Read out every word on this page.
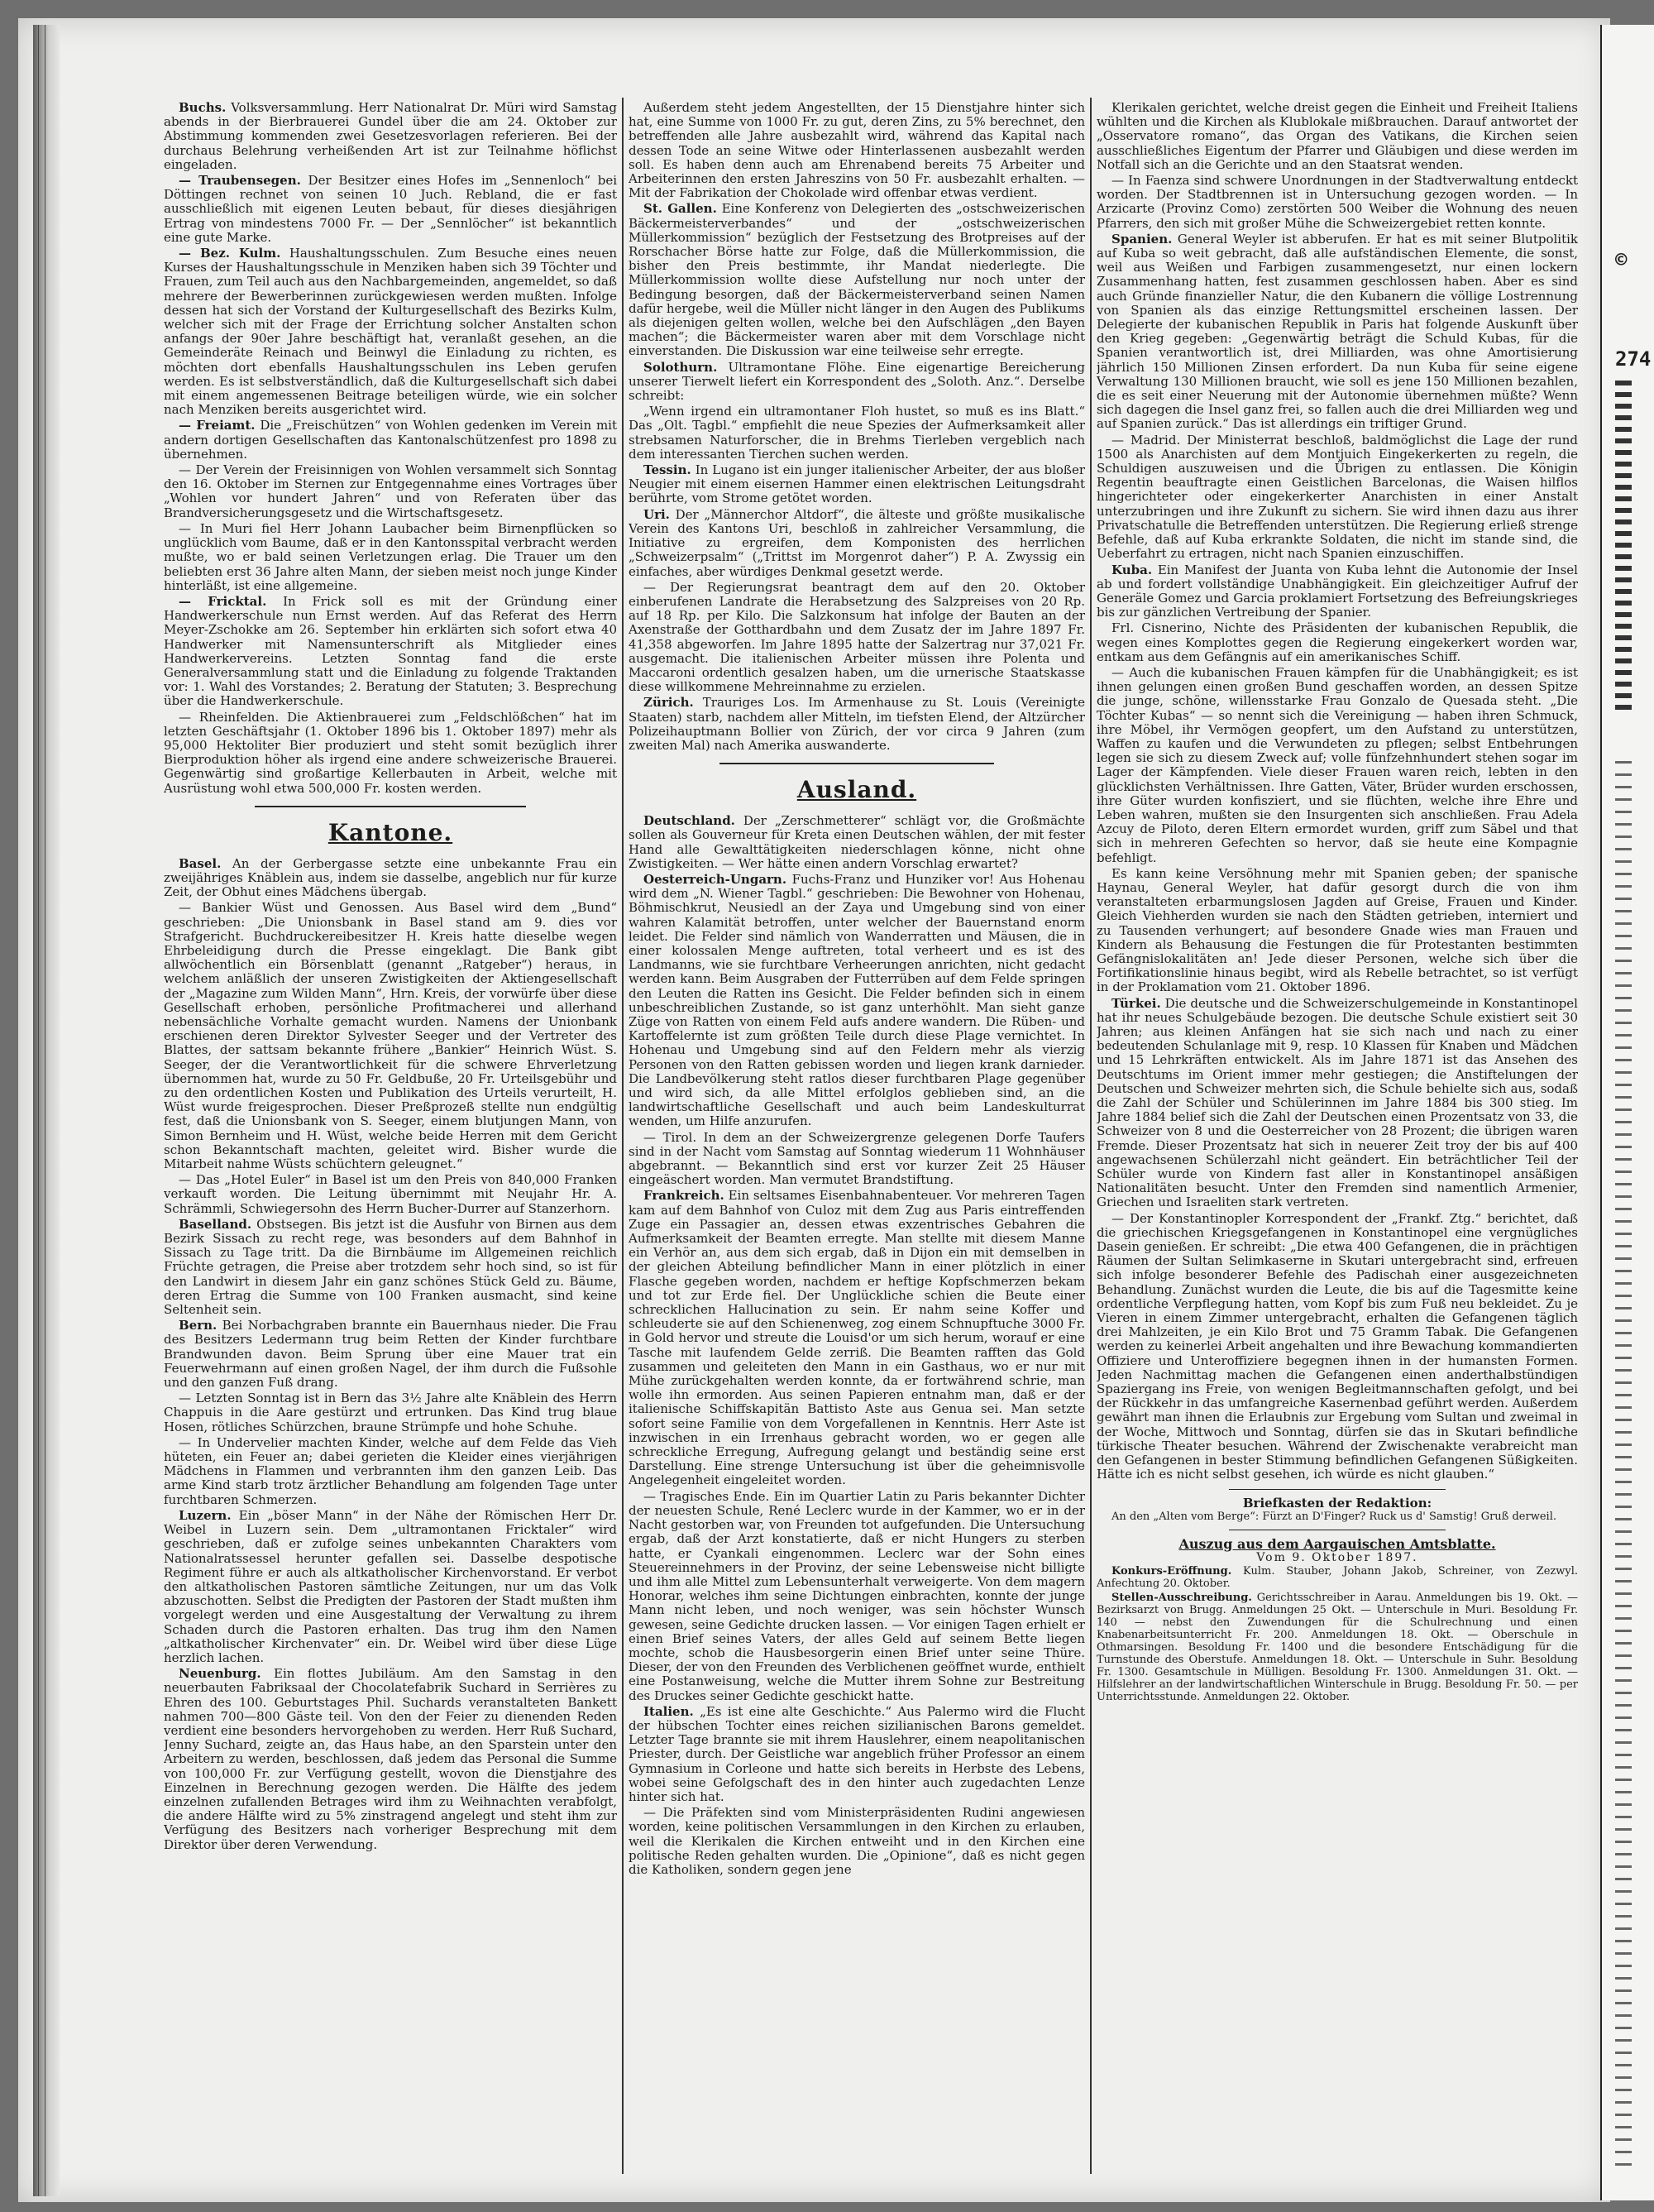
©
274

Buchs. Volksversammlung. Herr Nationalrat Dr. Müri wird Samstag abends in der Bierbrauerei Gundel über die am 24. Oktober zur Abstimmung kommenden zwei Gesetzesvorlagen referieren. Bei der durchaus Belehrung verheißenden Art ist zur Teilnahme höflichst eingeladen.

— Traubensegen. Der Besitzer eines Hofes im „Sennenloch“ bei Döttingen rechnet von seinen 10 Juch. Rebland, die er fast ausschließlich mit eigenen Leuten bebaut, für dieses diesjährigen Ertrag von mindestens 7000 Fr. — Der „Sennlöcher“ ist bekanntlich eine gute Marke.

— Bez. Kulm. Haushaltungsschulen. Zum Besuche eines neuen Kurses der Haushaltungsschule in Menziken haben sich 39 Töchter und Frauen, zum Teil auch aus den Nachbargemeinden, angemeldet, so daß mehrere der Bewerberinnen zurückgewiesen werden mußten. Infolge dessen hat sich der Vorstand der Kulturgesellschaft des Bezirks Kulm, welcher sich mit der Frage der Errichtung solcher Anstalten schon anfangs der 90er Jahre beschäftigt hat, veranlaßt gesehen, an die Gemeinderäte Reinach und Beinwyl die Einladung zu richten, es möchten dort ebenfalls Haushaltungsschulen ins Leben gerufen werden. Es ist selbstverständlich, daß die Kulturgesellschaft sich dabei mit einem angemessenen Beitrage beteiligen würde, wie ein solcher nach Menziken bereits ausgerichtet wird.

— Freiamt. Die „Freischützen“ von Wohlen gedenken im Verein mit andern dortigen Gesellschaften das Kantonalschützenfest pro 1898 zu übernehmen.

— Der Verein der Freisinnigen von Wohlen versammelt sich Sonntag den 16. Oktober im Sternen zur Entgegennahme eines Vortrages über „Wohlen vor hundert Jahren“ und von Referaten über das Brandversicherungsgesetz und die Wirtschaftsgesetz.

— In Muri fiel Herr Johann Laubacher beim Birnenpflücken so unglücklich vom Baume, daß er in den Kantonsspital verbracht werden mußte, wo er bald seinen Verletzungen erlag. Die Trauer um den beliebten erst 36 Jahre alten Mann, der sieben meist noch junge Kinder hinterläßt, ist eine allgemeine.

— Fricktal. In Frick soll es mit der Gründung einer Handwerkerschule nun Ernst werden. Auf das Referat des Herrn Meyer-Zschokke am 26. September hin erklärten sich sofort etwa 40 Handwerker mit Namensunterschrift als Mitglieder eines Handwerkervereins. Letzten Sonntag fand die erste Generalversammlung statt und die Einladung zu folgende Traktanden vor: 1. Wahl des Vorstandes; 2. Beratung der Statuten; 3. Besprechung über die Handwerkerschule.

— Rheinfelden. Die Aktienbrauerei zum „Feldschlößchen“ hat im letzten Geschäftsjahr (1. Oktober 1896 bis 1. Oktober 1897) mehr als 95,000 Hektoliter Bier produziert und steht somit bezüglich ihrer Bierproduktion höher als irgend eine andere schweizerische Brauerei. Gegenwärtig sind großartige Kellerbauten in Arbeit, welche mit Ausrüstung wohl etwa 500,000 Fr. kosten werden.

Kantone.

Basel. An der Gerbergasse setzte eine unbekannte Frau ein zweijähriges Knäblein aus, indem sie dasselbe, angeblich nur für kurze Zeit, der Obhut eines Mädchens übergab.

— Bankier Wüst und Genossen. Aus Basel wird dem „Bund“ geschrieben: „Die Unionsbank in Basel stand am 9. dies vor Strafgericht. Buchdruckereibesitzer H. Kreis hatte dieselbe wegen Ehrbeleidigung durch die Presse eingeklagt. Die Bank gibt allwöchentlich ein Börsenblatt (genannt „Ratgeber“) heraus, in welchem anläßlich der unseren Zwistigkeiten der Aktiengesellschaft der „Magazine zum Wilden Mann“, Hrn. Kreis, der vorwürfe über diese Gesellschaft erhoben, persönliche Profitmacherei und allerhand nebensächliche Vorhalte gemacht wurden. Namens der Unionbank erschienen deren Direktor Sylvester Seeger und der Vertreter des Blattes, der sattsam bekannte frühere „Bankier“ Heinrich Wüst. S. Seeger, der die Verantwortlichkeit für die schwere Ehrverletzung übernommen hat, wurde zu 50 Fr. Geldbuße, 20 Fr. Urteilsgebühr und zu den ordentlichen Kosten und Publikation des Urteils verurteilt, H. Wüst wurde freigesprochen. Dieser Preßprozeß stellte nun endgültig fest, daß die Unionsbank von S. Seeger, einem blutjungen Mann, von Simon Bernheim und H. Wüst, welche beide Herren mit dem Gericht schon Bekanntschaft machten, geleitet wird. Bisher wurde die Mitarbeit nahme Wüsts schüchtern geleugnet.“

— Das „Hotel Euler“ in Basel ist um den Preis von 840,000 Franken verkauft worden. Die Leitung übernimmt mit Neujahr Hr. A. Schrämmli, Schwiegersohn des Herrn Bucher-Durrer auf Stanzerhorn.

Baselland. Obstsegen. Bis jetzt ist die Ausfuhr von Birnen aus dem Bezirk Sissach zu recht rege, was besonders auf dem Bahnhof in Sissach zu Tage tritt. Da die Birnbäume im Allgemeinen reichlich Früchte getragen, die Preise aber trotzdem sehr hoch sind, so ist für den Landwirt in diesem Jahr ein ganz schönes Stück Geld zu. Bäume, deren Ertrag die Summe von 100 Franken ausmacht, sind keine Seltenheit sein.

Bern. Bei Norbachgraben brannte ein Bauernhaus nieder. Die Frau des Besitzers Ledermann trug beim Retten der Kinder furchtbare Brandwunden davon. Beim Sprung über eine Mauer trat ein Feuerwehrmann auf einen großen Nagel, der ihm durch die Fußsohle und den ganzen Fuß drang.

— Letzten Sonntag ist in Bern das 3½ Jahre alte Knäblein des Herrn Chappuis in die Aare gestürzt und ertrunken. Das Kind trug blaue Hosen, rötliches Schürzchen, braune Strümpfe und hohe Schuhe.

— In Undervelier machten Kinder, welche auf dem Felde das Vieh hüteten, ein Feuer an; dabei gerieten die Kleider eines vierjährigen Mädchens in Flammen und verbrannten ihm den ganzen Leib. Das arme Kind starb trotz ärztlicher Behandlung am folgenden Tage unter furchtbaren Schmerzen.

Luzern. Ein „böser Mann“ in der Nähe der Römischen Herr Dr. Weibel in Luzern sein. Dem „ultramontanen Fricktaler“ wird geschrieben, daß er zufolge seines unbekannten Charakters vom Nationalratssessel herunter gefallen sei. Dasselbe despotische Regiment führe er auch als altkatholischer Kirchenvorstand. Er verbot den altkatholischen Pastoren sämtliche Zeitungen, nur um das Volk abzuschotten. Selbst die Predigten der Pastoren der Stadt mußten ihm vorgelegt werden und eine Ausgestaltung der Verwaltung zu ihrem Schaden durch die Pastoren erhalten. Das trug ihm den Namen „altkatholischer Kirchenvater“ ein. Dr. Weibel wird über diese Lüge herzlich lachen.

Neuenburg. Ein flottes Jubiläum. Am den Samstag in den neuerbauten Fabriksaal der Chocolatefabrik Suchard in Serrières zu Ehren des 100. Geburtstages Phil. Suchards veranstalteten Bankett nahmen 700—800 Gäste teil. Von den der Feier zu dienenden Reden verdient eine besonders hervorgehoben zu werden. Herr Ruß Suchard, Jenny Suchard, zeigte an, das Haus habe, an den Sparstein unter den Arbeitern zu werden, beschlossen, daß jedem das Personal die Summe von 100,000 Fr. zur Verfügung gestellt, wovon die Dienstjahre des Einzelnen in Berechnung gezogen werden. Die Hälfte des jedem einzelnen zufallenden Betrages wird ihm zu Weihnachten verabfolgt, die andere Hälfte wird zu 5% zinstragend angelegt und steht ihm zur Verfügung des Besitzers nach vorheriger Besprechung mit dem Direktor über deren Verwendung.

Außerdem steht jedem Angestellten, der 15 Dienstjahre hinter sich hat, eine Summe von 1000 Fr. zu gut, deren Zins, zu 5% berechnet, den betreffenden alle Jahre ausbezahlt wird, während das Kapital nach dessen Tode an seine Witwe oder Hinterlassenen ausbezahlt werden soll. Es haben denn auch am Ehrenabend bereits 75 Arbeiter und Arbeiterinnen den ersten Jahreszins von 50 Fr. ausbezahlt erhalten. — Mit der Fabrikation der Chokolade wird offenbar etwas verdient.

St. Gallen. Eine Konferenz von Delegierten des „ostschweizerischen Bäckermeisterverbandes“ und der „ostschweizerischen Müllerkommission“ bezüglich der Festsetzung des Brotpreises auf der Rorschacher Börse hatte zur Folge, daß die Müllerkommission, die bisher den Preis bestimmte, ihr Mandat niederlegte. Die Müllerkommission wollte diese Aufstellung nur noch unter der Bedingung besorgen, daß der Bäckermeisterverband seinen Namen dafür hergebe, weil die Müller nicht länger in den Augen des Publikums als diejenigen gelten wollen, welche bei den Aufschlägen „den Bayen machen“; die Bäckermeister waren aber mit dem Vorschlage nicht einverstanden. Die Diskussion war eine teilweise sehr erregte.

Solothurn. Ultramontane Flöhe. Eine eigenartige Bereicherung unserer Tierwelt liefert ein Korrespondent des „Soloth. Anz.“. Derselbe schreibt:

„Wenn irgend ein ultramontaner Floh hustet, so muß es ins Blatt.“ Das „Olt. Tagbl.“ empfiehlt die neue Spezies der Aufmerksamkeit aller strebsamen Naturforscher, die in Brehms Tierleben vergeblich nach dem interessanten Tierchen suchen werden.

Tessin. In Lugano ist ein junger italienischer Arbeiter, der aus bloßer Neugier mit einem eisernen Hammer einen elektrischen Leitungsdraht berührte, vom Strome getötet worden.

Uri. Der „Männerchor Altdorf“, die älteste und größte musikalische Verein des Kantons Uri, beschloß in zahlreicher Versammlung, die Initiative zu ergreifen, dem Komponisten des herrlichen „Schweizerpsalm“ („Trittst im Morgenrot daher“) P. A. Zwyssig ein einfaches, aber würdiges Denkmal gesetzt werde.

— Der Regierungsrat beantragt dem auf den 20. Oktober einberufenen Landrate die Herabsetzung des Salzpreises von 20 Rp. auf 18 Rp. per Kilo. Die Salzkonsum hat infolge der Bauten an der Axenstraße der Gotthardbahn und dem Zusatz der im Jahre 1897 Fr. 41,358 abgeworfen. Im Jahre 1895 hatte der Salzertrag nur 37,021 Fr. ausgemacht. Die italienischen Arbeiter müssen ihre Polenta und Maccaroni ordentlich gesalzen haben, um die urnerische Staatskasse diese willkommene Mehreinnahme zu erzielen.

Zürich. Trauriges Los. Im Armenhause zu St. Louis (Vereinigte Staaten) starb, nachdem aller Mitteln, im tiefsten Elend, der Altzürcher Polizeihauptmann Bollier von Zürich, der vor circa 9 Jahren (zum zweiten Mal) nach Amerika auswanderte.

Ausland.

Deutschland. Der „Zerschmetterer“ schlägt vor, die Großmächte sollen als Gouverneur für Kreta einen Deutschen wählen, der mit fester Hand alle Gewalttätigkeiten niederschlagen könne, nicht ohne Zwistigkeiten. — Wer hätte einen andern Vorschlag erwartet?

Oesterreich-Ungarn. Fuchs-Franz und Hunziker vor! Aus Hohenau wird dem „N. Wiener Tagbl.“ geschrieben: Die Bewohner von Hohenau, Böhmischkrut, Neusiedl an der Zaya und Umgebung sind von einer wahren Kalamität betroffen, unter welcher der Bauernstand enorm leidet. Die Felder sind nämlich von Wanderratten und Mäusen, die in einer kolossalen Menge auftreten, total verheert und es ist des Landmanns, wie sie furchtbare Verheerungen anrichten, nicht gedacht werden kann. Beim Ausgraben der Futterrüben auf dem Felde springen den Leuten die Ratten ins Gesicht. Die Felder befinden sich in einem unbeschreiblichen Zustande, so ist ganz unterhöhlt. Man sieht ganze Züge von Ratten von einem Feld aufs andere wandern. Die Rüben- und Kartoffelernte ist zum größten Teile durch diese Plage vernichtet. In Hohenau und Umgebung sind auf den Feldern mehr als vierzig Personen von den Ratten gebissen worden und liegen krank darnieder. Die Landbevölkerung steht ratlos dieser furchtbaren Plage gegenüber und wird sich, da alle Mittel erfolglos geblieben sind, an die landwirtschaftliche Gesellschaft und auch beim Landeskulturrat wenden, um Hilfe anzurufen.

— Tirol. In dem an der Schweizergrenze gelegenen Dorfe Taufers sind in der Nacht vom Samstag auf Sonntag wiederum 11 Wohnhäuser abgebrannt. — Bekanntlich sind erst vor kurzer Zeit 25 Häuser eingeäschert worden. Man vermutet Brandstiftung.

Frankreich. Ein seltsames Eisenbahnabenteuer. Vor mehreren Tagen kam auf dem Bahnhof von Culoz mit dem Zug aus Paris eintreffenden Zuge ein Passagier an, dessen etwas exzentrisches Gebahren die Aufmerksamkeit der Beamten erregte. Man stellte mit diesem Manne ein Verhör an, aus dem sich ergab, daß in Dijon ein mit demselben in der gleichen Abteilung befindlicher Mann in einer plötzlich in einer Flasche gegeben worden, nachdem er heftige Kopfschmerzen bekam und tot zur Erde fiel. Der Unglückliche schien die Beute einer schrecklichen Hallucination zu sein. Er nahm seine Koffer und schleuderte sie auf den Schienenweg, zog einem Schnupftuche 3000 Fr. in Gold hervor und streute die Louisd'or um sich herum, worauf er eine Tasche mit laufendem Gelde zerriß. Die Beamten rafften das Gold zusammen und geleiteten den Mann in ein Gasthaus, wo er nur mit Mühe zurückgehalten werden konnte, da er fortwährend schrie, man wolle ihn ermorden. Aus seinen Papieren entnahm man, daß er der italienische Schiffskapitän Battisto Aste aus Genua sei. Man setzte sofort seine Familie von dem Vorgefallenen in Kenntnis. Herr Aste ist inzwischen in ein Irrenhaus gebracht worden, wo er gegen alle schreckliche Erregung, Aufregung gelangt und beständig seine erst Darstellung. Eine strenge Untersuchung ist über die geheimnisvolle Angelegenheit eingeleitet worden.

— Tragisches Ende. Ein im Quartier Latin zu Paris bekannter Dichter der neuesten Schule, René Leclerc wurde in der Kammer, wo er in der Nacht gestorben war, von Freunden tot aufgefunden. Die Untersuchung ergab, daß der Arzt konstatierte, daß er nicht Hungers zu sterben hatte, er Cyankali eingenommen. Leclerc war der Sohn eines Steuereinnehmers in der Provinz, der seine Lebensweise nicht billigte und ihm alle Mittel zum Lebensunterhalt verweigerte. Von dem magern Honorar, welches ihm seine Dichtungen einbrachten, konnte der junge Mann nicht leben, und noch weniger, was sein höchster Wunsch gewesen, seine Gedichte drucken lassen. — Vor einigen Tagen erhielt er einen Brief seines Vaters, der alles Geld auf seinem Bette liegen mochte, schob die Hausbesorgerin einen Brief unter seine Thüre. Dieser, der von den Freunden des Verblichenen geöffnet wurde, enthielt eine Postanweisung, welche die Mutter ihrem Sohne zur Bestreitung des Druckes seiner Gedichte geschickt hatte.

Italien. „Es ist eine alte Geschichte.“ Aus Palermo wird die Flucht der hübschen Tochter eines reichen sizilianischen Barons gemeldet. Letzter Tage brannte sie mit ihrem Hauslehrer, einem neapolitanischen Priester, durch. Der Geistliche war angeblich früher Professor an einem Gymnasium in Corleone und hatte sich bereits in Herbste des Lebens, wobei seine Gefolgschaft des in den hinter auch zugedachten Lenze hinter sich hat.

— Die Präfekten sind vom Ministerpräsidenten Rudini angewiesen worden, keine politischen Versammlungen in den Kirchen zu erlauben, weil die Klerikalen die Kirchen entweiht und in den Kirchen eine politische Reden gehalten wurden. Die „Opinione“, daß es nicht gegen die Katholiken, sondern gegen jene

Klerikalen gerichtet, welche dreist gegen die Einheit und Freiheit Italiens wühlten und die Kirchen als Klublokale mißbrauchen. Darauf antwortet der „Osservatore romano“, das Organ des Vatikans, die Kirchen seien ausschließliches Eigentum der Pfarrer und Gläubigen und diese werden im Notfall sich an die Gerichte und an den Staatsrat wenden.

— In Faenza sind schwere Unordnungen in der Stadtverwaltung entdeckt worden. Der Stadtbrennen ist in Untersuchung gezogen worden. — In Arzicarte (Provinz Como) zerstörten 500 Weiber die Wohnung des neuen Pfarrers, den sich mit großer Mühe die Schweizergebiet retten konnte.

Spanien. General Weyler ist abberufen. Er hat es mit seiner Blutpolitik auf Kuba so weit gebracht, daß alle aufständischen Elemente, die sonst, weil aus Weißen und Farbigen zusammengesetzt, nur einen lockern Zusammenhang hatten, fest zusammen geschlossen haben. Aber es sind auch Gründe finanzieller Natur, die den Kubanern die völlige Lostrennung von Spanien als das einzige Rettungsmittel erscheinen lassen. Der Delegierte der kubanischen Republik in Paris hat folgende Auskunft über den Krieg gegeben: „Gegenwärtig beträgt die Schuld Kubas, für die Spanien verantwortlich ist, drei Milliarden, was ohne Amortisierung jährlich 150 Millionen Zinsen erfordert. Da nun Kuba für seine eigene Verwaltung 130 Millionen braucht, wie soll es jene 150 Millionen bezahlen, die es seit einer Neuerung mit der Autonomie übernehmen müßte? Wenn sich dagegen die Insel ganz frei, so fallen auch die drei Milliarden weg und auf Spanien zurück.“ Das ist allerdings ein triftiger Grund.

— Madrid. Der Ministerrat beschloß, baldmöglichst die Lage der rund 1500 als Anarchisten auf dem Montjuich Eingekerkerten zu regeln, die Schuldigen auszuweisen und die Übrigen zu entlassen. Die Königin Regentin beauftragte einen Geistlichen Barcelonas, die Waisen hilflos hingerichteter oder eingekerkerter Anarchisten in einer Anstalt unterzubringen und ihre Zukunft zu sichern. Sie wird ihnen dazu aus ihrer Privatschatulle die Betreffenden unterstützen. Die Regierung erließ strenge Befehle, daß auf Kuba erkrankte Soldaten, die nicht im stande sind, die Ueberfahrt zu ertragen, nicht nach Spanien einzuschiffen.

Kuba. Ein Manifest der Juanta von Kuba lehnt die Autonomie der Insel ab und fordert vollständige Unabhängigkeit. Ein gleichzeitiger Aufruf der Generäle Gomez und Garcia proklamiert Fortsetzung des Befreiungskrieges bis zur gänzlichen Vertreibung der Spanier.

Frl. Cisnerino, Nichte des Präsidenten der kubanischen Republik, die wegen eines Komplottes gegen die Regierung eingekerkert worden war, entkam aus dem Gefängnis auf ein amerikanisches Schiff.

— Auch die kubanischen Frauen kämpfen für die Unabhängigkeit; es ist ihnen gelungen einen großen Bund geschaffen worden, an dessen Spitze die junge, schöne, willensstarke Frau Gonzalo de Quesada steht. „Die Töchter Kubas“ — so nennt sich die Vereinigung — haben ihren Schmuck, ihre Möbel, ihr Vermögen geopfert, um den Aufstand zu unterstützen, Waffen zu kaufen und die Verwundeten zu pflegen; selbst Entbehrungen legen sie sich zu diesem Zweck auf; volle fünfzehnhundert stehen sogar im Lager der Kämpfenden. Viele dieser Frauen waren reich, lebten in den glücklichsten Verhältnissen. Ihre Gatten, Väter, Brüder wurden erschossen, ihre Güter wurden konfisziert, und sie flüchten, welche ihre Ehre und Leben wahren, mußten sie den Insurgenten sich anschließen. Frau Adela Azcuy de Piloto, deren Eltern ermordet wurden, griff zum Säbel und that sich in mehreren Gefechten so hervor, daß sie heute eine Kompagnie befehligt.

Es kann keine Versöhnung mehr mit Spanien geben; der spanische Haynau, General Weyler, hat dafür gesorgt durch die von ihm veranstalteten erbarmungslosen Jagden auf Greise, Frauen und Kinder. Gleich Viehherden wurden sie nach den Städten getrieben, interniert und zu Tausenden verhungert; auf besondere Gnade wies man Frauen und Kindern als Behausung die Festungen die für Protestanten bestimmten Gefängnislokalitäten an! Jede dieser Personen, welche sich über die Fortifikationslinie hinaus begibt, wird als Rebelle betrachtet, so ist verfügt in der Proklamation vom 21. Oktober 1896.

Türkei. Die deutsche und die Schweizerschulgemeinde in Konstantinopel hat ihr neues Schulgebäude bezogen. Die deutsche Schule existiert seit 30 Jahren; aus kleinen Anfängen hat sie sich nach und nach zu einer bedeutenden Schulanlage mit 9, resp. 10 Klassen für Knaben und Mädchen und 15 Lehrkräften entwickelt. Als im Jahre 1871 ist das Ansehen des Deutschtums im Orient immer mehr gestiegen; die Anstiftelungen der Deutschen und Schweizer mehrten sich, die Schule behielte sich aus, sodaß die Zahl der Schüler und Schülerinnen im Jahre 1884 bis 300 stieg. Im Jahre 1884 belief sich die Zahl der Deutschen einen Prozentsatz von 33, die Schweizer von 8 und die Oesterreicher von 28 Prozent; die übrigen waren Fremde. Dieser Prozentsatz hat sich in neuerer Zeit troy der bis auf 400 angewachsenen Schülerzahl nicht geändert. Ein beträchtlicher Teil der Schüler wurde von Kindern fast aller in Konstantinopel ansäßigen Nationalitäten besucht. Unter den Fremden sind namentlich Armenier, Griechen und Israeliten stark vertreten.

— Der Konstantinopler Korrespondent der „Frankf. Ztg.“ berichtet, daß die griechischen Kriegsgefangenen in Konstantinopel eine vergnügliches Dasein genießen. Er schreibt: „Die etwa 400 Gefangenen, die in prächtigen Räumen der Sultan Selimkaserne in Skutari untergebracht sind, erfreuen sich infolge besonderer Befehle des Padischah einer ausgezeichneten Behandlung. Zunächst wurden die Leute, die bis auf die Tagesmitte keine ordentliche Verpflegung hatten, vom Kopf bis zum Fuß neu bekleidet. Zu je Vieren in einem Zimmer untergebracht, erhalten die Gefangenen täglich drei Mahlzeiten, je ein Kilo Brot und 75 Gramm Tabak. Die Gefangenen werden zu keinerlei Arbeit angehalten und ihre Bewachung kommandierten Offiziere und Unteroffiziere begegnen ihnen in der humansten Formen. Jeden Nachmittag machen die Gefangenen einen anderthalbstündigen Spaziergang ins Freie, von wenigen Begleitmannschaften gefolgt, und bei der Rückkehr in das umfangreiche Kasernenbad geführt werden. Außerdem gewährt man ihnen die Erlaubnis zur Ergebung vom Sultan und zweimal in der Woche, Mittwoch und Sonntag, dürfen sie das in Skutari befindliche türkische Theater besuchen. Während der Zwischenakte verabreicht man den Gefangenen in bester Stimmung befindlichen Gefangenen Süßigkeiten. Hätte ich es nicht selbst gesehen, ich würde es nicht glauben.“

Briefkasten der Redaktion:

An den „Alten vom Berge“: Fürzt an D'Finger? Ruck us d' Samstig! Gruß derweil.

Auszug aus dem Aargauischen Amtsblatte.
Vom 9. Oktober 1897.

Konkurs-Eröffnung. Kulm. Stauber, Johann Jakob, Schreiner, von Zezwyl. Anfechtung 20. Oktober.

Stellen-Ausschreibung. Gerichtsschreiber in Aarau. Anmeldungen bis 19. Okt. — Bezirksarzt von Brugg. Anmeldungen 25 Okt. — Unterschule in Muri. Besoldung Fr. 140 — nebst den Zuwendungen für die Schulrechnung und einen Knabenarbeitsunterricht Fr. 200. Anmeldungen 18. Okt. — Oberschule in Othmarsingen. Besoldung Fr. 1400 und die besondere Entschädigung für die Turnstunde des Oberstufe. Anmeldungen 18. Okt. — Unterschule in Suhr. Besoldung Fr. 1300. Gesamtschule in Mülligen. Besoldung Fr. 1300. Anmeldungen 31. Okt. — Hilfslehrer an der landwirtschaftlichen Winterschule in Brugg. Besoldung Fr. 50. — per Unterrichtsstunde. Anmeldungen 22. Oktober.
